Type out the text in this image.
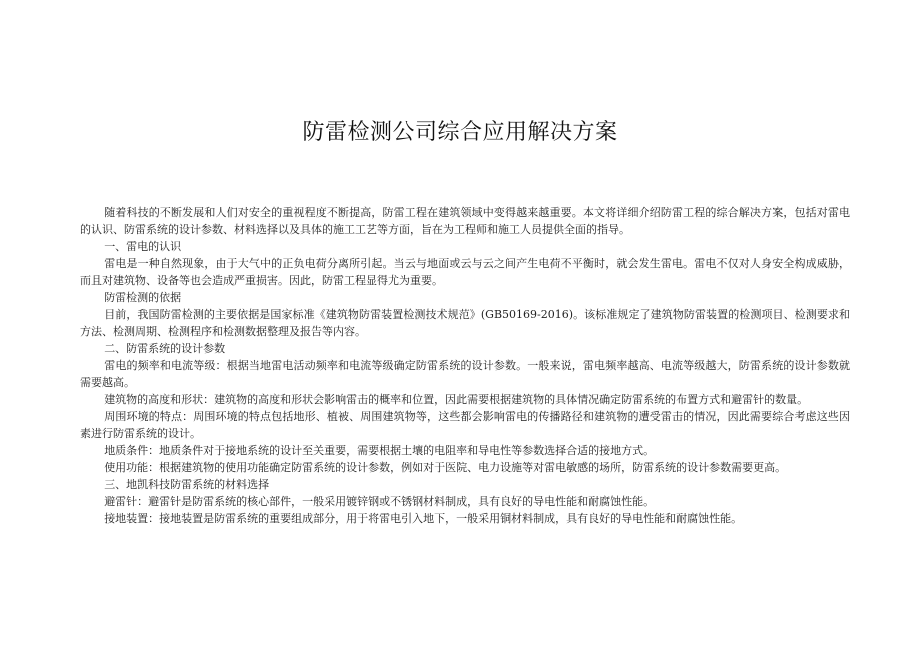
防雷检测公司综合应用解决方案

随着科技的不断发展和人们对安全的重视程度不断提高，防雷工程在建筑领域中变得越来越重要。本文将详细介绍防雷工程的综合解决方案，包括对雷电的认识、防雷系统的设计参数、材料选择以及具体的施工工艺等方面，旨在为工程师和施工人员提供全面的指导。

一、雷电的认识

雷电是一种自然现象，由于大气中的正负电荷分离所引起。当云与地面或云与云之间产生电荷不平衡时，就会发生雷电。雷电不仅对人身安全构成威胁，而且对建筑物、设备等也会造成严重损害。因此，防雷工程显得尤为重要。

防雷检测的依据

目前，我国防雷检测的主要依据是国家标准《建筑物防雷装置检测技术规范》(GB50169-2016)。该标准规定了建筑物防雷装置的检测项目、检测要求和方法、检测周期、检测程序和检测数据整理及报告等内容。

二、防雷系统的设计参数

雷电的频率和电流等级：根据当地雷电活动频率和电流等级确定防雷系统的设计参数。一般来说，雷电频率越高、电流等级越大，防雷系统的设计参数就需要越高。

建筑物的高度和形状：建筑物的高度和形状会影响雷击的概率和位置，因此需要根据建筑物的具体情况确定防雷系统的布置方式和避雷针的数量。

周围环境的特点：周围环境的特点包括地形、植被、周围建筑物等，这些都会影响雷电的传播路径和建筑物的遭受雷击的情况，因此需要综合考虑这些因素进行防雷系统的设计。

地质条件：地质条件对于接地系统的设计至关重要，需要根据土壤的电阻率和导电性等参数选择合适的接地方式。

使用功能：根据建筑物的使用功能确定防雷系统的设计参数，例如对于医院、电力设施等对雷电敏感的场所，防雷系统的设计参数需要更高。

三、地凯科技防雷系统的材料选择

避雷针：避雷针是防雷系统的核心部件，一般采用镀锌钢或不锈钢材料制成，具有良好的导电性能和耐腐蚀性能。

接地装置：接地装置是防雷系统的重要组成部分，用于将雷电引入地下，一般采用铜材料制成，具有良好的导电性能和耐腐蚀性能。
